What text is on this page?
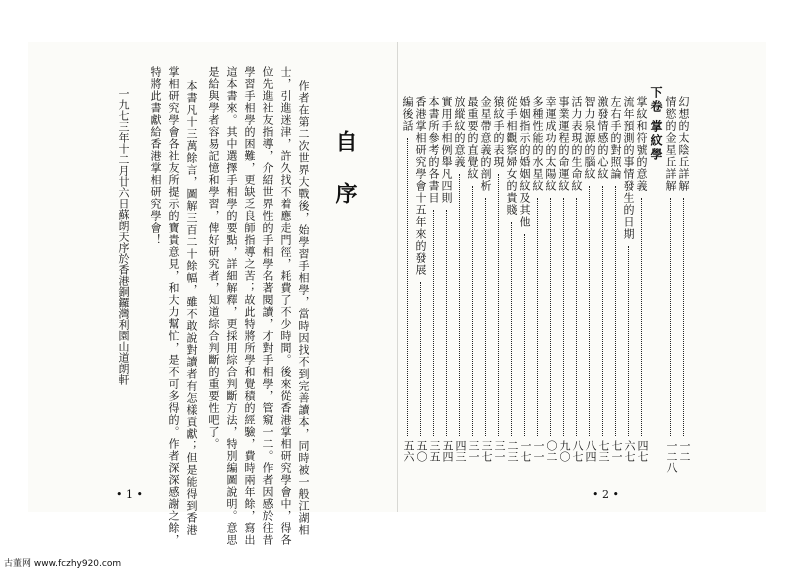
自序
作者在第二次世界大戰後，始學習手相學，當時因找不到完善讀本，同時被一般江湖相
士，引進迷津，許久找不着應走門徑，耗費了不少時間。後來從香港掌相研究學會中，得各
位先進社友指導，介紹世界性的手相學名著閱讀，才對手相學，管窺一二。作者因感於往昔
學習手相學的困難，更缺乏良師指導之苦；故此特將所學和覺積的經驗，費時兩年餘，寫出
這本書來。其中選擇手相學的要點，詳細解釋，更採用綜合判斷方法，特別編圖說明。意思
是給與學者容易記憶和學習，俾好研究者，知道綜合判斷的重要性吧了。
本書凡十三萬餘言，圖解三百二十餘幅，雖不敢說對讀者有怎樣貢獻；但是能得到香港
掌相研究學會各社友所提示的寶貴意見，和大力幫忙，是不可多得的。作者深深感謝之餘，
特將此書獻給香港掌相研究學會！
一九七三年十二月廿六日蘇朗天序於香港銅鑼灣利園山道朗軒
• 1 •
幻想的太陰丘詳解
一二
情慾的金星丘詳解
一二八
下卷 掌紋學
掌紋和符號的意義
四七
流年預測的事情發生的日期
六七
左右手的對照論
七一
激發情感的心紋
七三
智力泉源的腦紋
八四
活力表現的生命紋
八七
事業運程的命運紋
九〇
幸運成功的太陽紋
〇二
多種性能的水星紋
一一
婚姻指示的婚姻紋及其他
一七
從手相觀察婦女的貴賤
二三
猿紋手的表現
三一
金星帶意義的剖析
三七
最重要的直覺紋
三一
放縱紋的意義
四三
實用手相例舉凡四則
五四
本書所參考的各書目
三五
香港掌相研究學會十五年來的發展
五〇
編後話
五六
• 2 •
古董网 www.fczhy920.com
